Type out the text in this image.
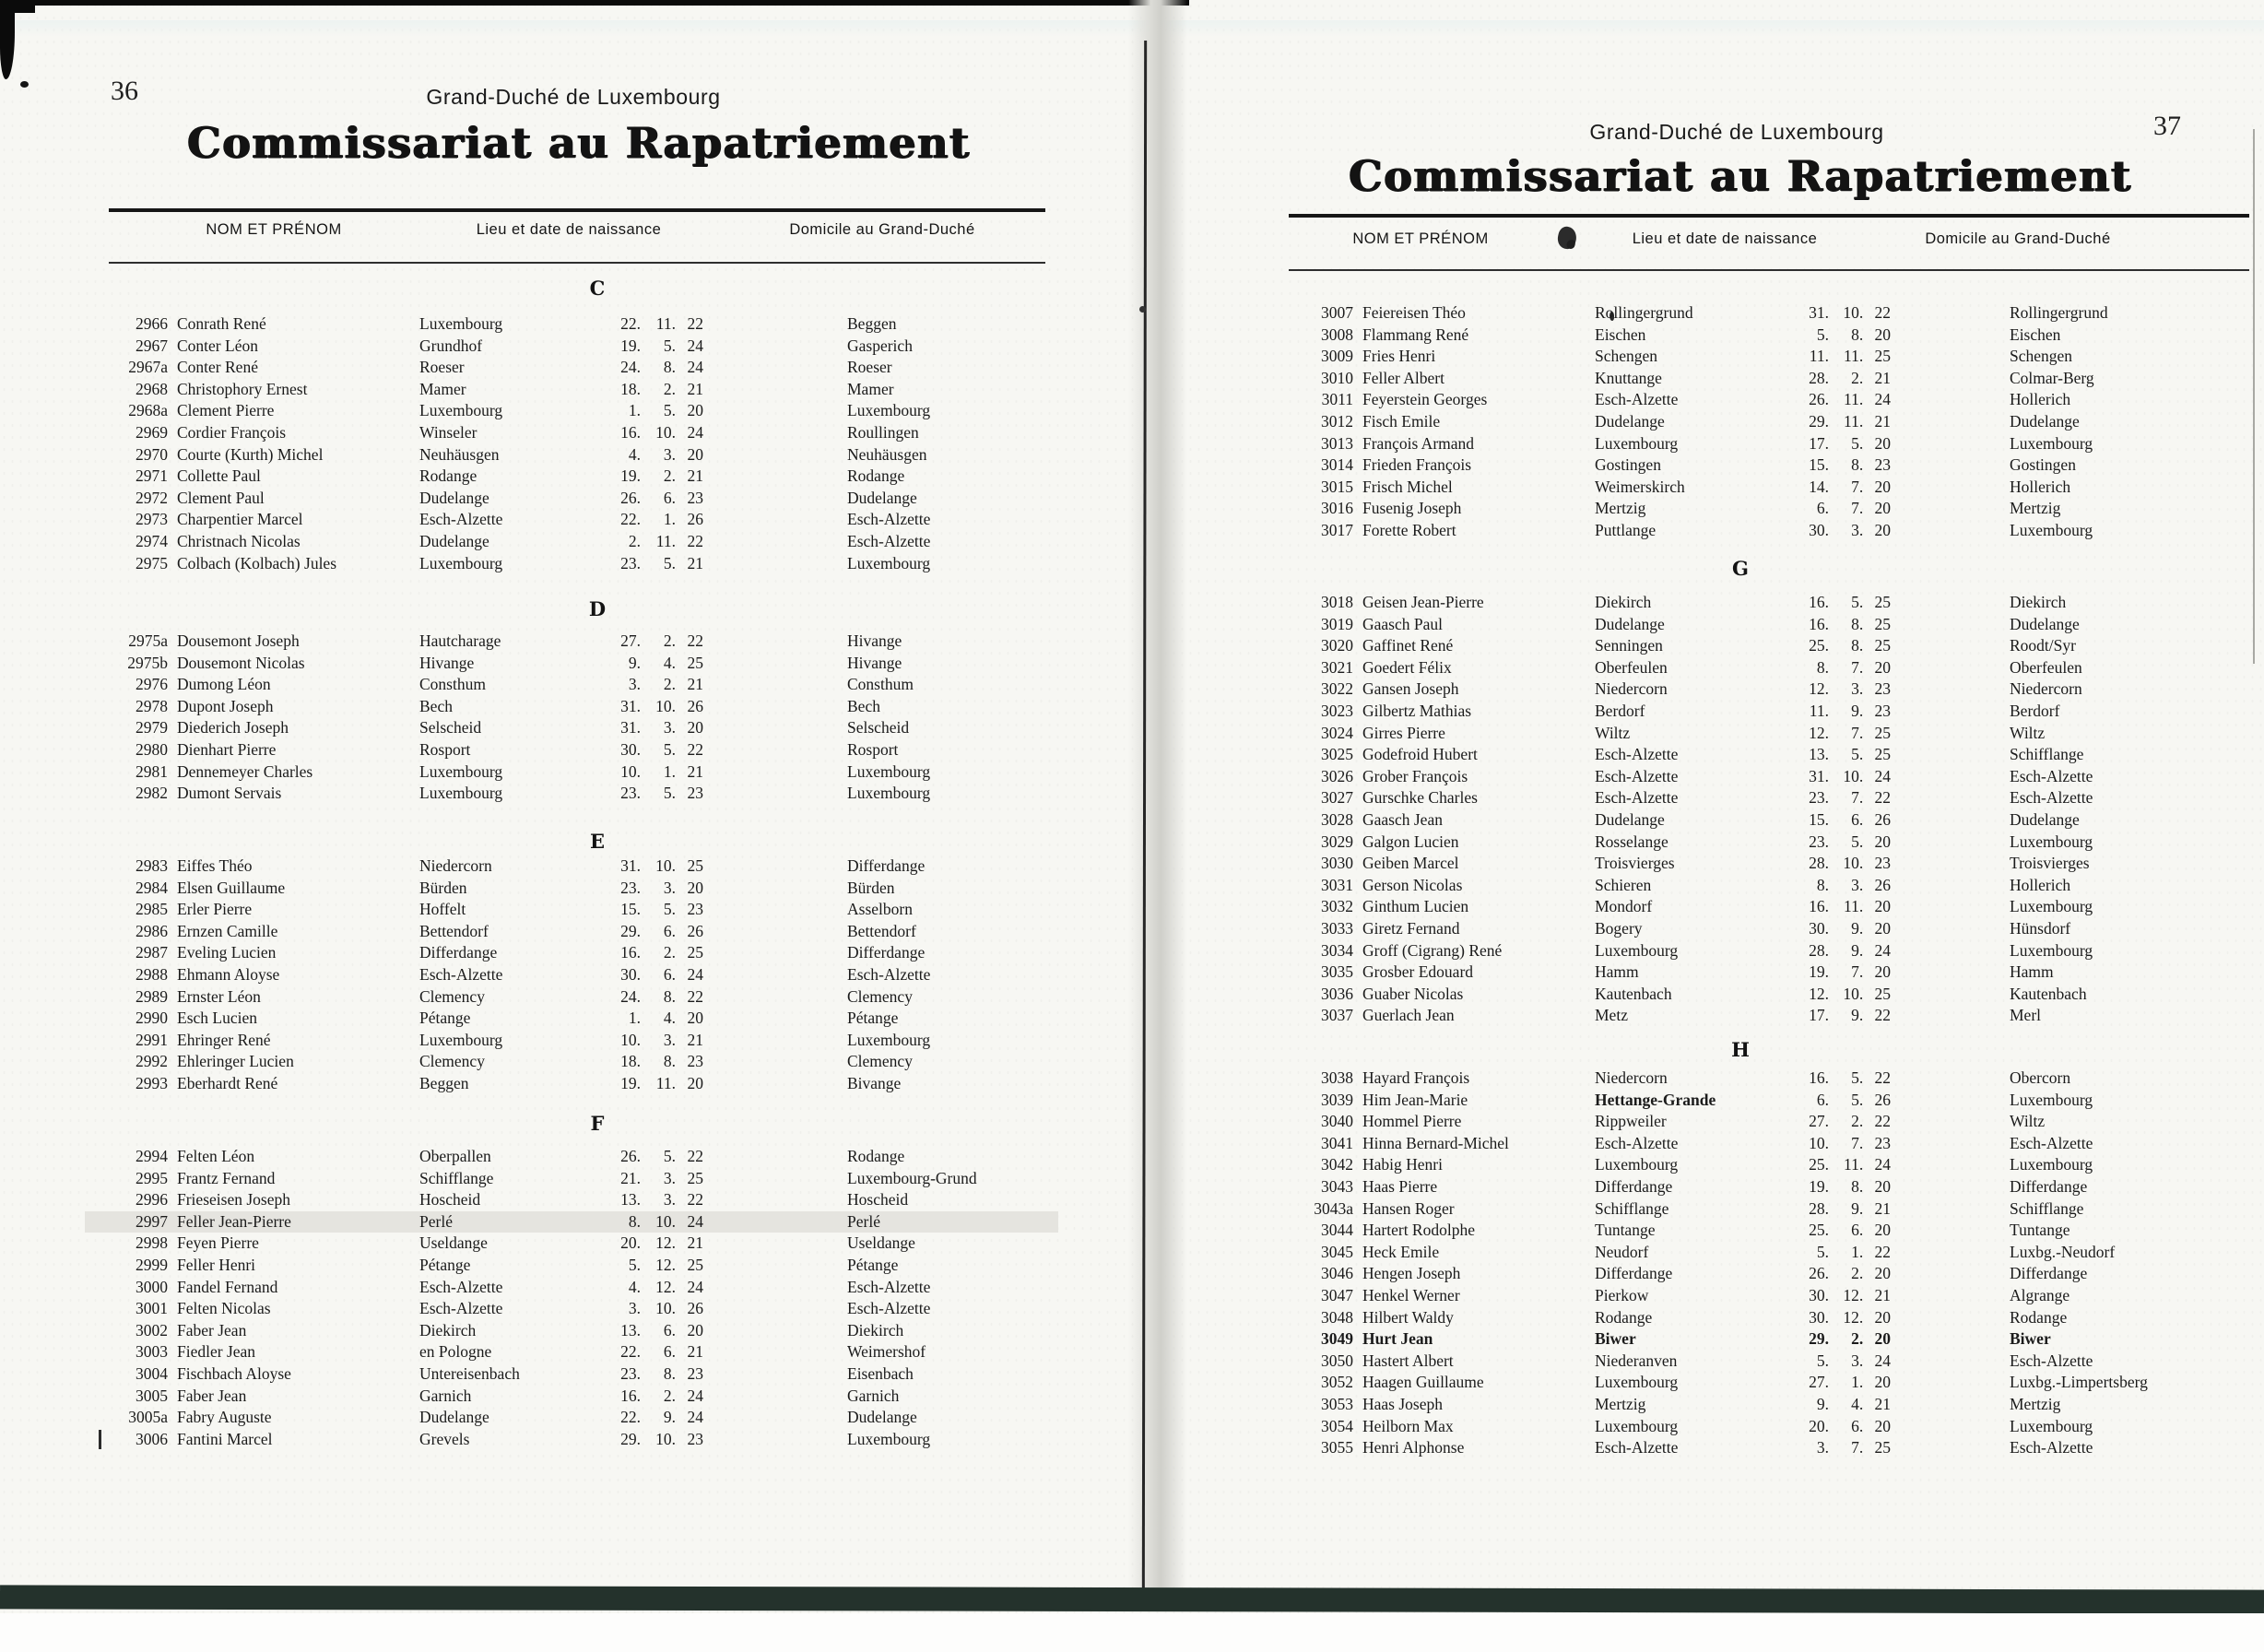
36	Grand-Duché de Luxembourg
Commissariat au Rapatriement
NOM ET PRÉNOM	Lieu et date de naissance	Domicile au Grand-Duché
C
2966 Conrath René	Luxembourg	22. 11. 22	Beggen
2967 Conter Léon	Grundhof	19.	5. 24	Gasperich
2967a Conter René	Roeser	24.	8. 24	Roeser
2968 Christophory Ernest	Mamer	18.	2. 21	Mamer
2968a Clement Pierre	Luxembourg	1.	5. 20	Luxembourg
2969 Cordier François	Winseler	16. 10. 24	Roullingen
2970 Courte (Kurth) Michel	Neuhäusgen	4.	3. 20	Neuhäusgen
2971 Collette Paul	Rodange	19.	2. 21	Rodange
2972 Clement Paul	Dudelange	26.	6. 23	Dudelange
2973 Charpentier Marcel	Esch-Alzette	22.	1. 26	Esch-Alzette
2974 Christnach Nicolas	Dudelange	2. 11. 22	Esch-Alzette
2975 Colbach (Kolbach) Jules	Luxembourg	23.	5. 21	Luxembourg
D
2975a Dousemont Joseph	Hautcharage	27.	2. 22	Hivange
2975b Dousemont Nicolas	Hivange	9.	4. 25	Hivange
2976 Dumong Léon	Consthum	3.	2. 21	Consthum
2978 Dupont Joseph	Bech	31. 10. 26	Bech
2979 Diederich Joseph	Selscheid	31.	3. 20	Selscheid
2980 Dienhart Pierre	Rosport	30.	5. 22	Rosport
2981 Dennemeyer Charles	Luxembourg	10.	1. 21	Luxembourg
2982 Dumont Servais	Luxembourg	23.	5. 23	Luxembourg
E
2983 Eiffes Théo	Niedercorn	31. 10. 25	Differdange
2984 Elsen Guillaume	Bürden	23.	3. 20	Bürden
2985 Erler Pierre	Hoffelt	15.	5. 23	Asselborn
2986 Ernzen Camille	Bettendorf	29.	6. 26	Bettendorf
2987 Eveling Lucien	Differdange	16.	2. 25	Differdange
2988 Ehmann Aloyse	Esch-Alzette	30.	6. 24	Esch-Alzette
2989 Ernster Léon	Clemency	24.	8. 22	Clemency
2990 Esch Lucien	Pétange	1.	4. 20	Pétange
2991 Ehringer René	Luxembourg	10.	3. 21	Luxembourg
2992 Ehleringer Lucien	Clemency	18.	8. 23	Clemency
2993 Eberhardt René	Beggen	19. 11. 20	Bivange
F
2994 Felten Léon	Oberpallen	26.	5. 22	Rodange
2995 Frantz Fernand	Schifflange	21.	3. 25	Luxembourg-Grund
2996 Frieseisen Joseph	Hoscheid	13.	3. 22	Hoscheid
2997 Feller Jean-Pierre	Perlé	8. 10. 24	Perlé
2998 Feyen Pierre	Useldange	20. 12. 21	Useldange
2999 Feller Henri	Pétange	5. 12. 25	Pétange
3000 Fandel Fernand	Esch-Alzette	4. 12. 24	Esch-Alzette
3001 Felten Nicolas	Esch-Alzette	3. 10. 26	Esch-Alzette
3002 Faber Jean	Diekirch	13.	6. 20	Diekirch
3003 Fiedler Jean	en Pologne	22.	6. 21	Weimershof
3004 Fischbach Aloyse	Untereisenbach	23.	8. 23	Eisenbach
3005 Faber Jean	Garnich	16.	2. 24	Garnich
3005a Fabry Auguste	Dudelange	22.	9. 24	Dudelange
3006 Fantini Marcel	Grevels	29. 10. 23	Luxembourg
37
Grand-Duché de Luxembourg
Commissariat au Rapatriement
NOM ET PRÉNOM	Lieu et date de naissance	Domicile au Grand-Duché
3007 Feiereisen Théo	Rollingergrund	31. 10. 22	Rollingergrund
3008 Flammang René	Eischen	5.	8. 20	Eischen
3009 Fries Henri	Schengen	11. 11. 25	Schengen
3010 Feller Albert	Knuttange	28.	2. 21	Colmar-Berg
3011 Feyerstein Georges	Esch-Alzette	26. 11. 24	Hollerich
3012 Fisch Emile	Dudelange	29. 11. 21	Dudelange
3013 François Armand	Luxembourg	17.	5. 20	Luxembourg
3014 Frieden François	Gostingen	15.	8. 23	Gostingen
3015 Frisch Michel	Weimerskirch	14.	7. 20	Hollerich
3016 Fusenig Joseph	Mertzig	6.	7. 20	Mertzig
3017 Forette Robert	Puttlange	30.	3. 20	Luxembourg
G
3018 Geisen Jean-Pierre	Diekirch	16.	5. 25	Diekirch
3019 Gaasch Paul	Dudelange	16.	8. 25	Dudelange
3020 Gaffinet René	Senningen	25.	8. 25	Roodt/Syr
3021 Goedert Félix	Oberfeulen	8.	7. 20	Oberfeulen
3022 Gansen Joseph	Niedercorn	12.	3. 23	Niedercorn
3023 Gilbertz Mathias	Berdorf	11.	9. 23	Berdorf
3024 Girres Pierre	Wiltz	12.	7. 25	Wiltz
3025 Godefroid Hubert	Esch-Alzette	13.	5. 25	Schifflange
3026 Grober François	Esch-Alzette	31. 10. 24	Esch-Alzette
3027 Gurschke Charles	Esch-Alzette	23.	7. 22	Esch-Alzette
3028 Gaasch Jean	Dudelange	15.	6. 26	Dudelange
3029 Galgon Lucien	Rosselange	23.	5. 20	Luxembourg
3030 Geiben Marcel	Troisvierges	28. 10. 23	Troisvierges
3031 Gerson Nicolas	Schieren	8.	3. 26	Hollerich
3032 Ginthum Lucien	Mondorf	16. 11. 20	Luxembourg
3033 Giretz Fernand	Bogery	30.	9. 20	Hünsdorf
3034 Groff (Cigrang) René	Luxembourg	28.	9. 24	Luxembourg
3035 Grosber Edouard	Hamm	19.	7. 20	Hamm
3036 Guaber Nicolas	Kautenbach	12. 10. 25	Kautenbach
3037 Guerlach Jean	Metz	17.	9. 22	Merl
H
3038 Hayard François	Niedercorn	16.	5. 22	Obercorn
3039 Him Jean-Marie	Hettange-Grande	6.	5. 26	Luxembourg
3040 Hommel Pierre	Rippweiler	27.	2. 22	Wiltz
3041 Hinna Bernard-Michel	Esch-Alzette	10.	7. 23	Esch-Alzette
3042 Habig Henri	Luxembourg	25. 11. 24	Luxembourg
3043 Haas Pierre	Differdange	19.	8. 20	Differdange
3043a Hansen Roger	Schifflange	28.	9. 21	Schifflange
3044 Hartert Rodolphe	Tuntange	25.	6. 20	Tuntange
3045 Heck Emile	Neudorf	5.	1. 22	Luxbg.-Neudorf
3046 Hengen Joseph	Differdange	26.	2. 20	Differdange
3047 Henkel Werner	Pierkow	30. 12. 21	Algrange
3048 Hilbert Waldy	Rodange	30. 12. 20	Rodange
3049 Hurt Jean	Biwer	29.	2. 20	Biwer
3050 Hastert Albert	Niederanven	5.	3. 24	Esch-Alzette
3052 Haagen Guillaume	Luxembourg	27.	1. 20	Luxbg.-Limpertsberg
3053 Haas Joseph	Mertzig	9.	4. 21	Mertzig
3054 Heilborn Max	Luxembourg	20.	6. 20	Luxembourg
3055 Henri Alphonse	Esch-Alzette	3.	7. 25	Esch-Alzette
